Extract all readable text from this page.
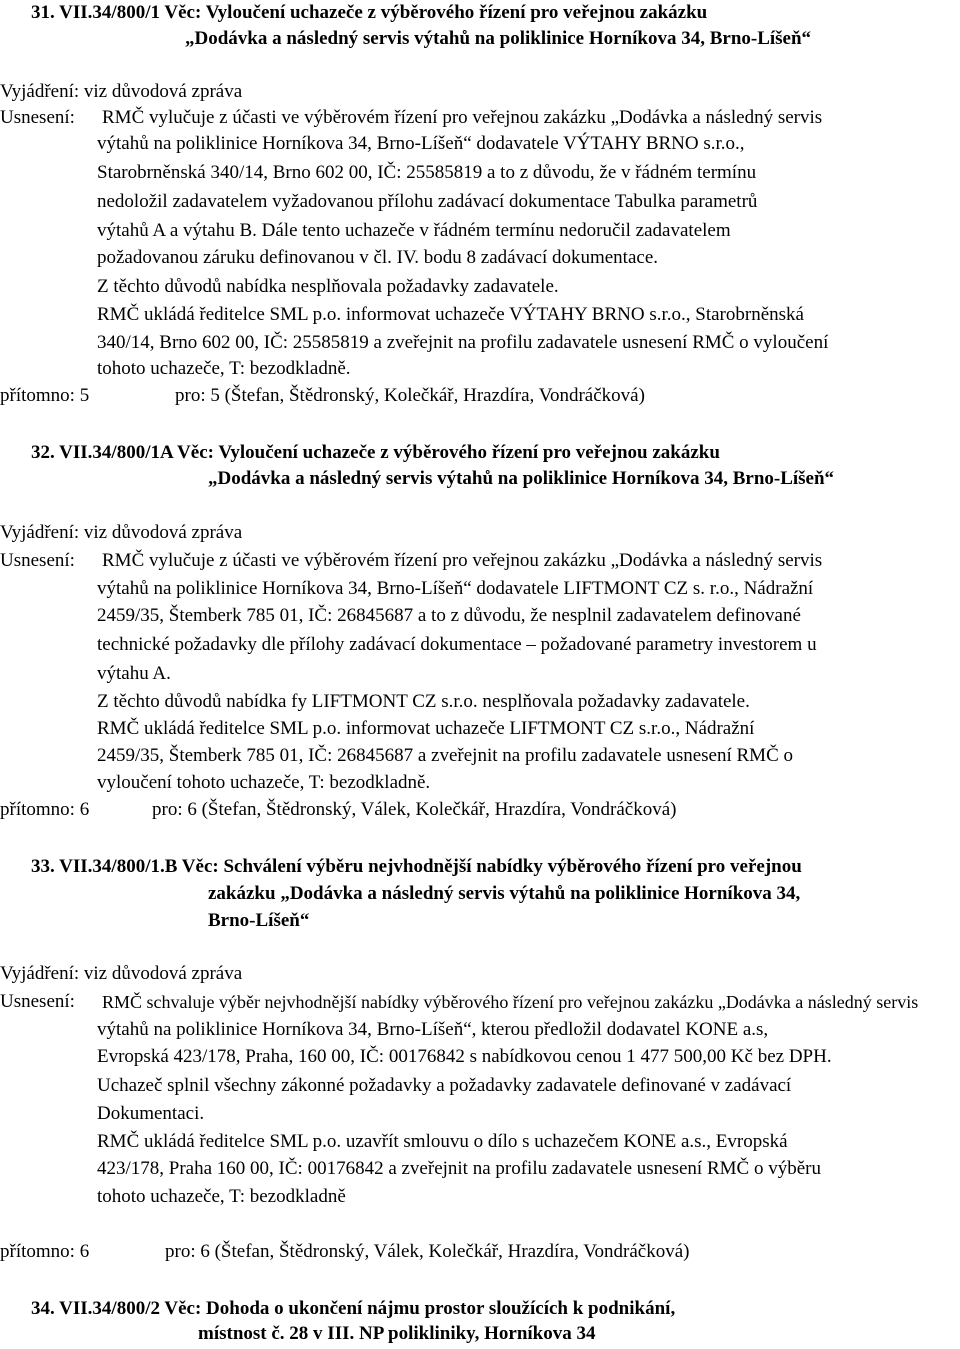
31. VII.34/800/1 Věc: Vyloučení uchazeče z výběrového řízení pro veřejnou zakázku
„Dodávka a následný servis výtahů na poliklinice Horníkova 34, Brno-Líšeň“
Vyjádření: viz důvodová zpráva
Usnesení: RMČ vylučuje z účasti ve výběrovém řízení pro veřejnou zakázku „Dodávka a následný servis
výtahů na poliklinice Horníkova 34, Brno-Líšeň“ dodavatele VÝTAHY BRNO s.r.o.,
Starobrněnská 340/14, Brno 602 00, IČ: 25585819 a to z důvodu, že v řádném termínu
nedoložil zadavatelem vyžadovanou přílohu zadávací dokumentace Tabulka parametrů
výtahů A a výtahu B. Dále tento uchazeče v řádném termínu nedoručil zadavatelem
požadovanou záruku definovanou v čl. IV. bodu 8 zadávací dokumentace.
Z těchto důvodů nabídka nesplňovala požadavky zadavatele.
RMČ ukládá ředitelce SML p.o. informovat uchazeče VÝTAHY BRNO s.r.o., Starobrněnská
340/14, Brno 602 00, IČ: 25585819 a zveřejnit na profilu zadavatele usnesení RMČ o vyloučení
tohoto uchazeče, T: bezodkladně.
přítomno: 5	pro: 5 (Štefan, Štědronský, Kolečkář, Hrazdíra, Vondráčková)
32. VII.34/800/1A Věc: Vyloučení uchazeče z výběrového řízení pro veřejnou zakázku
„Dodávka a následný servis výtahů na poliklinice Horníkova 34, Brno-Líšeň“
Vyjádření: viz důvodová zpráva
Usnesení: RMČ vylučuje z účasti ve výběrovém řízení pro veřejnou zakázku „Dodávka a následný servis
výtahů na poliklinice Horníkova 34, Brno-Líšeň“ dodavatele LIFTMONT CZ s. r.o., Nádražní
2459/35, Štemberk 785 01, IČ: 26845687 a to z důvodu, že nesplnil zadavatelem definované
technické požadavky dle přílohy zadávací dokumentace – požadované parametry investorem u
výtahu A.
Z těchto důvodů nabídka fy LIFTMONT CZ s.r.o. nesplňovala požadavky zadavatele.
RMČ ukládá ředitelce SML p.o. informovat uchazeče LIFTMONT CZ s.r.o., Nádražní
2459/35, Štemberk 785 01, IČ: 26845687 a zveřejnit na profilu zadavatele usnesení RMČ o
vyloučení tohoto uchazeče, T: bezodkladně.
přítomno: 6	pro: 6 (Štefan, Štědronský, Válek, Kolečkář, Hrazdíra, Vondráčková)
33. VII.34/800/1.B Věc: Schválení výběru nejvhodnější nabídky výběrového řízení pro veřejnou
zakázku „Dodávka a následný servis výtahů na poliklinice Horníkova 34,
Brno-Líšeň“
Vyjádření: viz důvodová zpráva
Usnesení: RMČ schvaluje výběr nejvhodnější nabídky výběrového řízení pro veřejnou zakázku „Dodávka a následný servis
výtahů na poliklinice Horníkova 34, Brno-Líšeň“, kterou předložil dodavatel KONE a.s,
Evropská 423/178, Praha, 160 00, IČ: 00176842 s nabídkovou cenou 1 477 500,00 Kč bez DPH.
Uchazeč splnil všechny zákonné požadavky a požadavky zadavatele definované v zadávací
Dokumentaci.
RMČ ukládá ředitelce SML p.o. uzavřít smlouvu o dílo s uchazečem KONE a.s., Evropská
423/178, Praha 160 00, IČ: 00176842 a zveřejnit na profilu zadavatele usnesení RMČ o výběru
tohoto uchazeče, T: bezodkladně
přítomno: 6	pro: 6 (Štefan, Štědronský, Válek, Kolečkář, Hrazdíra, Vondráčková)
34. VII.34/800/2 Věc: Dohoda o ukončení nájmu prostor sloužících k podnikání,
místnost č. 28 v III. NP polikliniky, Horníkova 34
